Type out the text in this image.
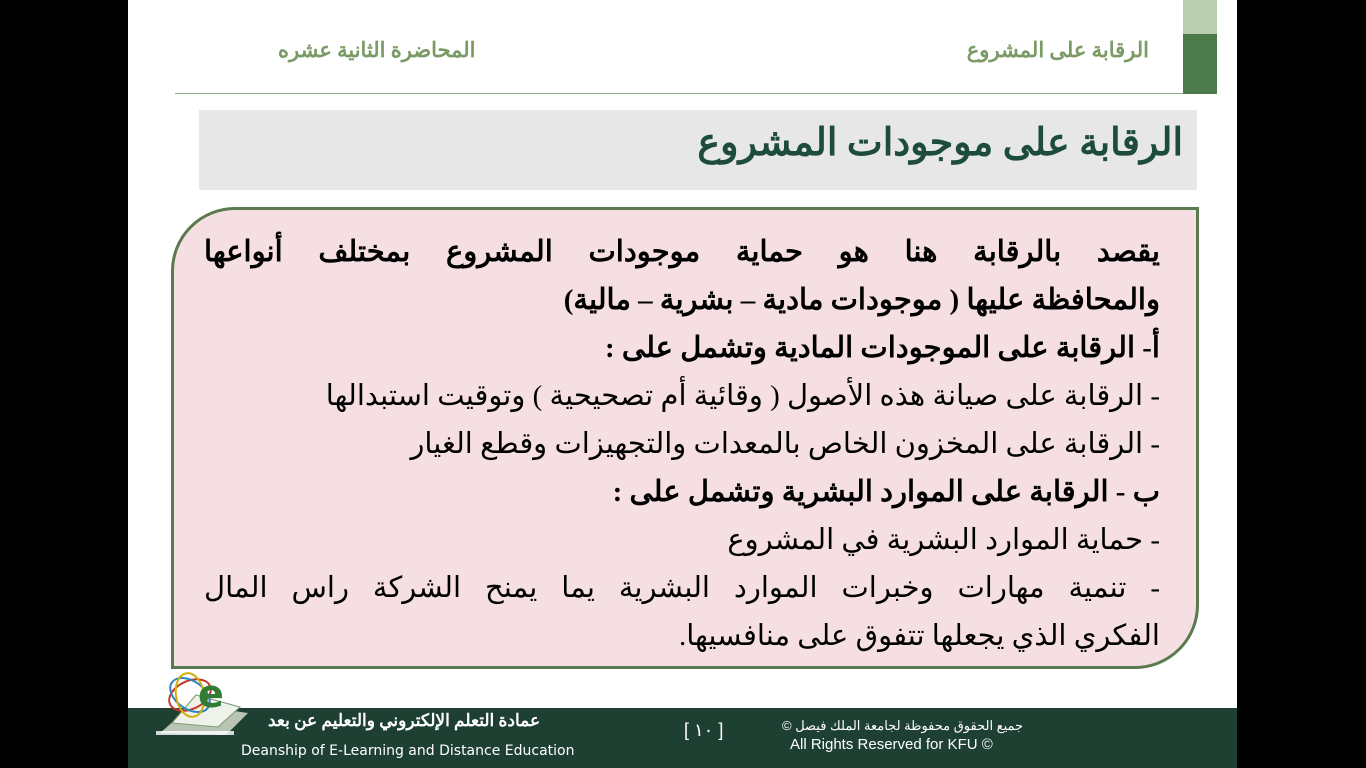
الرقابة على المشروع
المحاضرة الثانية عشره
الرقابة على موجودات المشروع
يقصد بالرقابة هنا هو حماية موجودات المشروع بمختلف أنواعها
والمحافظة عليها ( موجودات مادية – بشرية – مالية)
أ- الرقابة على الموجودات المادية وتشمل على :
- الرقابة على صيانة هذه الأصول ( وقائية أم تصحيحية ) وتوقيت استبدالها
- الرقابة على المخزون الخاص بالمعدات والتجهيزات وقطع الغيار
ب - الرقابة على الموارد البشرية وتشمل على :
- حماية الموارد البشرية في المشروع
- تنمية مهارات وخبرات الموارد البشرية يما يمنح الشركة راس المال
الفكري الذي يجعلها تتفوق على منافسيها.
e
عمادة التعلم الإلكتروني والتعليم عن بعد
Deanship of E-Learning and Distance Education
[ ١٠ ]	جميع الحقوق محفوظة لجامعة الملك فيصل ©
All Rights Reserved for KFU ©
